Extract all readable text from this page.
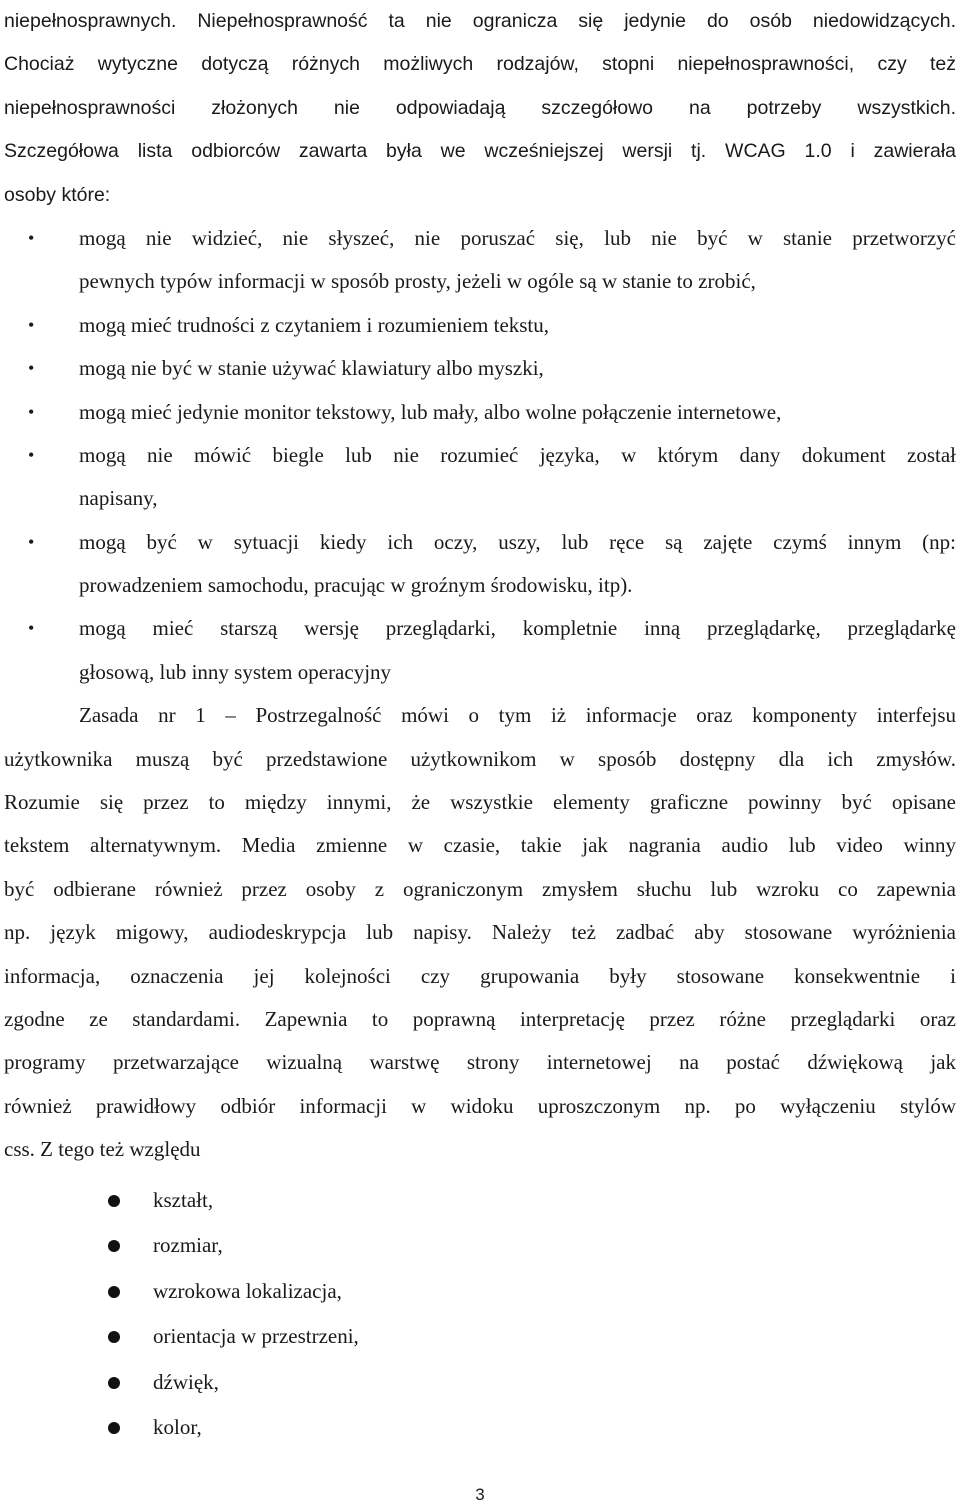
niepełnosprawnych. Niepełnosprawność ta nie ogranicza się jedynie do osób niedowidzących.
Chociaż wytyczne dotyczą różnych możliwych rodzajów, stopni niepełnosprawności, czy też
niepełnosprawności złożonych nie odpowiadają szczegółowo na potrzeby wszystkich.
Szczegółowa lista odbiorców zawarta była we wcześniejszej wersji tj. WCAG 1.0 i zawierała
osoby które:
• mogą nie widzieć, nie słyszeć, nie poruszać się, lub nie być w stanie przetworzyć
pewnych typów informacji w sposób prosty, jeżeli w ogóle są w stanie to zrobić,
• mogą mieć trudności z czytaniem i rozumieniem tekstu,
• mogą nie być w stanie używać klawiatury albo myszki,
• mogą mieć jedynie monitor tekstowy, lub mały, albo wolne połączenie internetowe,
• mogą nie mówić biegle lub nie rozumieć języka, w którym dany dokument został
napisany,
• mogą być w sytuacji kiedy ich oczy, uszy, lub ręce są zajęte czymś innym (np:
prowadzeniem samochodu, pracując w groźnym środowisku, itp).
• mogą mieć starszą wersję przeglądarki, kompletnie inną przeglądarkę, przeglądarkę
głosową, lub inny system operacyjny
Zasada nr 1 – Postrzegalność mówi o tym iż informacje oraz komponenty interfejsu
użytkownika muszą być przedstawione użytkownikom w sposób dostępny dla ich zmysłów.
Rozumie się przez to między innymi, że wszystkie elementy graficzne powinny być opisane
tekstem alternatywnym. Media zmienne w czasie, takie jak nagrania audio lub video winny
być odbierane również przez osoby z ograniczonym zmysłem słuchu lub wzroku co zapewnia
np. język migowy, audiodeskrypcja lub napisy. Należy też zadbać aby stosowane wyróżnienia
informacja, oznaczenia jej kolejności czy grupowania były stosowane konsekwentnie i
zgodne ze standardami. Zapewnia to poprawną interpretację przez różne przeglądarki oraz
programy przetwarzające wizualną warstwę strony internetowej na postać dźwiękową jak
również prawidłowy odbiór informacji w widoku uproszczonym np. po wyłączeniu stylów
css. Z tego też względu
kształt,
rozmiar,
wzrokowa lokalizacja,
orientacja w przestrzeni,
dźwięk,
kolor,
3
